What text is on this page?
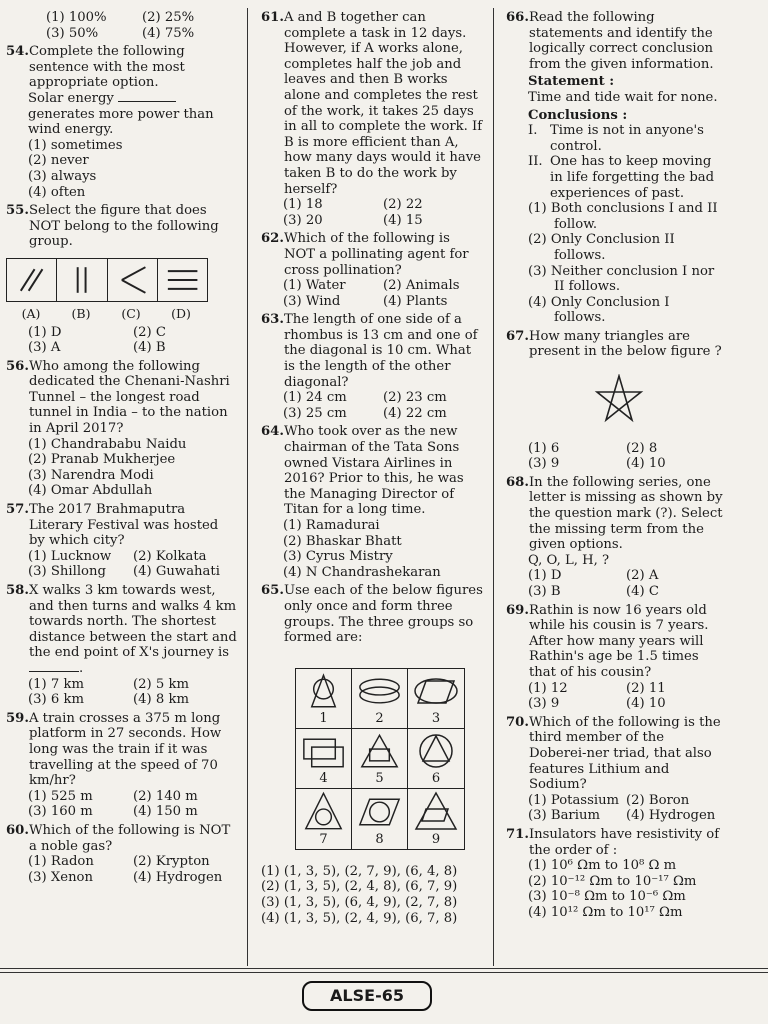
(1) 100%	(2) 25%
(3) 50%	(4) 75%
54. Complete the following sentence with the most appropriate option.
Solar energy  generates more power than wind energy.
(1) sometimes
(2) never
(3) always
(4) often
55. Select the figure that does NOT belong to the following group.
(A)	(B)	(C)	(D)
(1) D	(2) C
(3) A	(4) B
56. Who among the following dedicated the Chenani-Nashri Tunnel – the longest road tunnel in India – to the nation in April 2017?
(1) Chandrababu Naidu
(2) Pranab Mukherjee
(3) Narendra Modi
(4) Omar Abdullah
57. The 2017 Brahmaputra Literary Festival was hosted by which city?
(1) Lucknow	(2) Kolkata
(3) Shillong	(4) Guwahati
58. X walks 3 km towards west, and then turns and walks 4 km towards north. The shortest distance between the start and the end point of X's journey is .
(1) 7 km	(2) 5 km
(3) 6 km	(4) 8 km
59. A train crosses a 375 m long platform in 27 seconds. How long was the train if it was travelling at the speed of 70 km/hr?
(1) 525 m	(2) 140 m
(3) 160 m	(4) 150 m
60. Which of the following is NOT a noble gas?
(1) Radon	(2) Krypton
(3) Xenon	(4) Hydrogen
61. A and B together can complete a task in 12 days. However, if A works alone, completes half the job and leaves and then B works alone and completes the rest of the work, it takes 25 days in all to complete the work. If B is more efficient than A, how many days would it have taken B to do the work by herself?
(1) 18	(2) 22
(3) 20	(4) 15
62. Which of the following is NOT a pollinating agent for cross pollination?
(1) Water	(2) Animals
(3) Wind	(4) Plants
63. The length of one side of a rhombus is 13 cm and one of the diagonal is 10 cm. What is the length of the other diagonal?
(1) 24 cm	(2) 23 cm
(3) 25 cm	(4) 22 cm
64. Who took over as the new chairman of the Tata Sons owned Vistara Airlines in 2016? Prior to this, he was the Managing Director of Titan for a long time.
(1) Ramadurai
(2) Bhaskar Bhatt
(3) Cyrus Mistry
(4) N Chandrashekaran
65. Use each of the below figures only once and form three groups. The three groups so formed are:
1	2	3
4	5	6
7	8	9
(1) (1, 3, 5), (2, 7, 9), (6, 4, 8)
(2) (1, 3, 5), (2, 4, 8), (6, 7, 9)
(3) (1, 3, 5), (6, 4, 9), (2, 7, 8)
(4) (1, 3, 5), (2, 4, 9), (6, 7, 8)
66. Read the following statements and identify the logically correct conclusion from the given information.
Statement :
Time and tide wait for none.
Conclusions :
I. Time is not in anyone's control.
II. One has to keep moving in life forgetting the bad experiences of past.
(1) Both conclusions I and II follow.
(2) Only Conclusion II follows.
(3) Neither conclusion I nor II follows.
(4) Only Conclusion I follows.
67. How many triangles are present in the below figure ?
(1) 6	(2) 8
(3) 9	(4) 10
68. In the following series, one letter is missing as shown by the question mark (?). Select the missing term from the given options.
Q, O, L, H, ?
(1) D	(2) A
(3) B	(4) C
69. Rathin is now 16 years old while his cousin is 7 years. After how many years will Rathin's age be 1.5 times that of his cousin?
(1) 12	(2) 11
(3) 9	(4) 10
70. Which of the following is the third member of the Doberei-ner triad, that also features Lithium and Sodium?
(1) Potassium (2) Boron
(3) Barium	(4) Hydrogen
71. Insulators have resistivity of the order of :
(1) 10⁶ Ωm to 10⁸ Ω m
(2) 10⁻¹² Ωm to 10⁻¹⁷ Ωm
(3) 10⁻⁸ Ωm to 10⁻⁶ Ωm
(4) 10¹² Ωm to 10¹⁷ Ωm
ALSE-65
